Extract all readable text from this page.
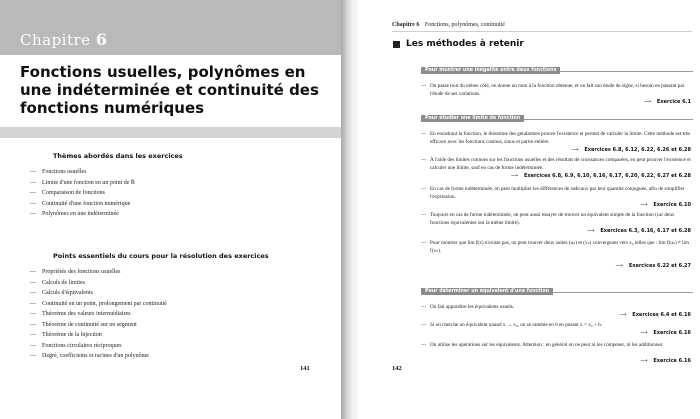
Chapitre 6
Fonctions usuelles, polynômes en une indéterminée et continuité des fonctions numériques
Thèmes abordés dans les exercices
— Fonctions usuelles
— Limite d'une fonction en un point de R̄
— Comparaison de fonctions
— Continuité d'une fonction numérique
— Polynômes en une indéterminée
Points essentiels du cours pour la résolution des exercices
— Propriétés des fonctions usuelles
— Calculs de limites
— Calculs d'équivalents
— Continuité en un point, prolongement par continuité
— Théorème des valeurs intermédiaires
— Théorème de continuité sur un segment
— Théorème de la bijection
— Fonctions circulaires réciproques
— Degré, coefficients et racines d'un polynôme
141
Chapitre 6 Fonctions, polynômes, continuité
Les méthodes à retenir
Pour montrer une inégalité entre deux fonctions
— On passe tout du même côté, on donne un nom à la fonction obtenue, et on fait son étude de signe, si besoin en passant par l'étude de ses variations.
⟶ Exercice 6.1
Pour étudier une limite de fonction
— En encadrant la fonction, le théorème des gendarmes prouve l'existence et permet de calculer la limite. Cette méthode est très efficace avec les fonctions cosinus, sinus et partie entière.
⟶ Exercices 6.8, 6.12, 6.22, 6.26 et 6.28
— À l'aide des limites connues sur les fonctions usuelles et des résultats de croissances comparées, en peut prouver l'existence et calculer une limite, sauf en cas de forme indéterminée.
⟶ Exercices 6.8, 6.9, 6.10, 6.16, 6.17, 6.20, 6.22, 6.27 et 6.28
— En cas de forme indéterminée, on peut multiplier les différences de radicaux par leur quantité conjuguée, afin de simplifier l'expression.
⟶ Exercice 6.10
— Toujours en cas de forme indéterminée, on peut aussi essayer de trouver un équivalent simple de la fonction (car deux fonctions équivalentes ont la même limite).
⟶ Exercices 6.3, 6.16, 6.17 et 6.28
— Pour montrer que lim f(x) n'existe pas, on peut trouver deux suites (uₙ) et (vₙ) convergeant vers x₀ telles que : lim f(uₙ) ≠ lim f(vₙ).
⟶ Exercices 6.22 et 6.27
Pour déterminer un équivalent d'une fonction
— On fait apparaître les équivalents usuels.
⟶ Exercices 6.4 et 6.16
— Si on cherche un équivalent quand x → x₀, on se ramène en 0 en posant x = x₀ + h.
⟶ Exercice 6.16
— On utilise les opérations sur les équivalents. Attention : en général on ne peut ni les composer, ni les additionner.
⟶ Exercice 6.16
142
